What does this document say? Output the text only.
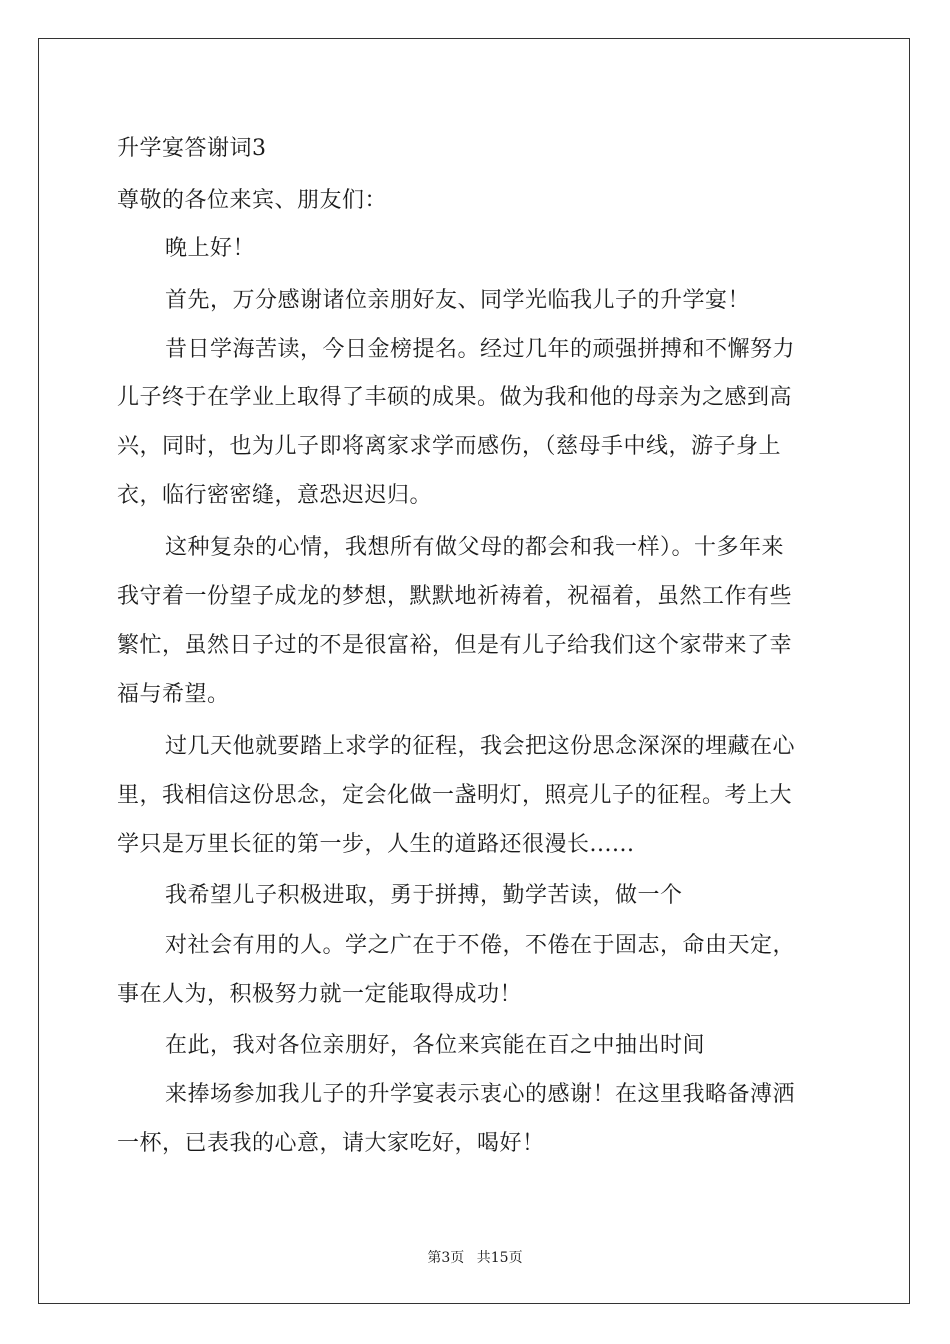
升学宴答谢词3
尊敬的各位来宾、朋友们：
晚上好！
首先，万分感谢诸位亲朋好友、同学光临我儿子的升学宴！
昔日学海苦读，今日金榜提名。经过几年的顽强拼搏和不懈努力
儿子终于在学业上取得了丰硕的成果。做为我和他的母亲为之感到高
兴，同时，也为儿子即将离家求学而感伤，（慈母手中线，游子身上
衣，临行密密缝，意恐迟迟归。
这种复杂的心情，我想所有做父母的都会和我一样）。十多年来
我守着一份望子成龙的梦想，默默地祈祷着，祝福着，虽然工作有些
繁忙，虽然日子过的不是很富裕，但是有儿子给我们这个家带来了幸
福与希望。
过几天他就要踏上求学的征程，我会把这份思念深深的埋藏在心
里，我相信这份思念，定会化做一盏明灯，照亮儿子的征程。考上大
学只是万里长征的第一步，人生的道路还很漫长......
我希望儿子积极进取，勇于拼搏，勤学苦读，做一个
对社会有用的人。学之广在于不倦，不倦在于固志，命由天定，
事在人为，积极努力就一定能取得成功！
在此，我对各位亲朋好，各位来宾能在百之中抽出时间
来捧场参加我儿子的升学宴表示衷心的感谢！在这里我略备溥洒
一杯，已表我的心意，请大家吃好，喝好！
第3页 共15页
